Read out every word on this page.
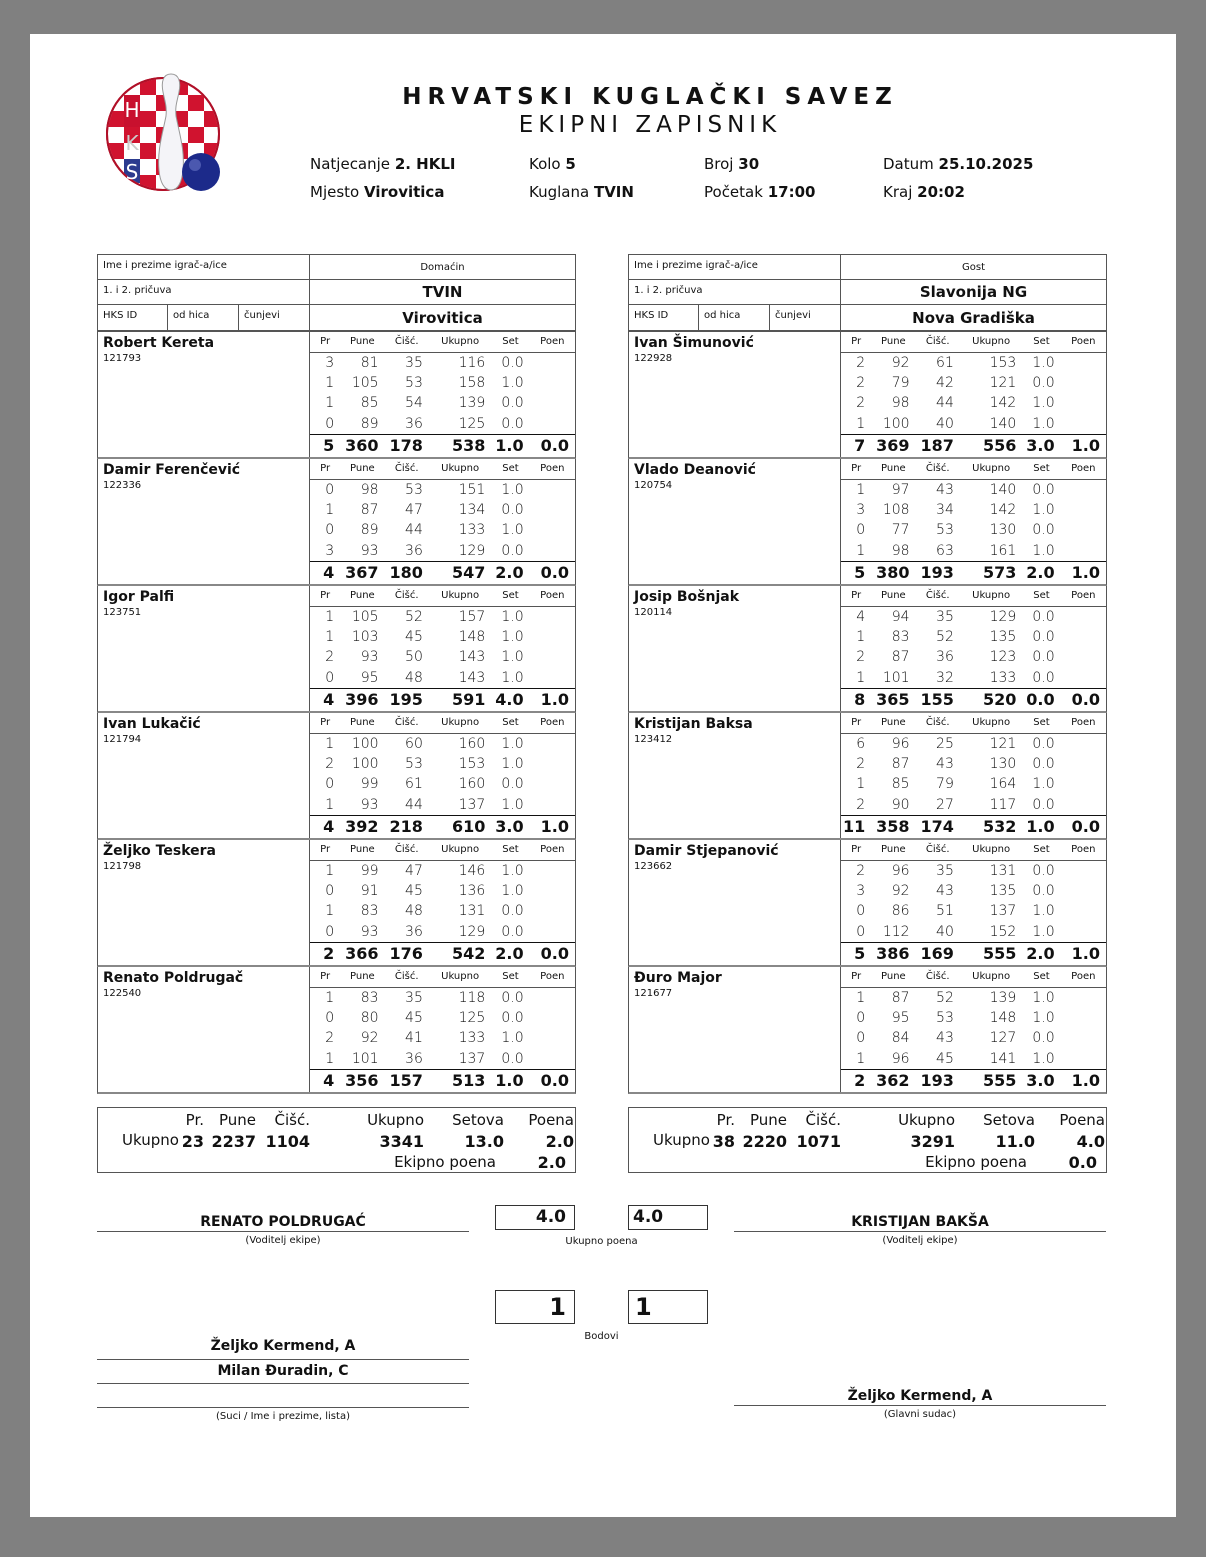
H
K
S
HRVATSKI KUGLAČKI SAVEZ
EKIPNI ZAPISNIK
Natjecanje 2. HKLI	Kolo 5	Broj 30	Datum 25.10.2025
Mjesto Virovitica	Kuglana TVIN	Početak 17:00	Kraj 20:02
Ime i prezime igrač-a/ice	Domaćin
1. i 2. pričuva	TVIN
HKS ID	od hica	čunjevi	Virovitica
Robert Kereta
121793
Pr	Pune	Čišć.	Ukupno	Set	Poen
3	81	35	116	0.0	
1	105	53	158	1.0	
1	85	54	139	0.0	
0	89	36	125	0.0	
5	360	178	538	1.0	0.0
Damir Ferenčević
122336
Pr	Pune	Čišć.	Ukupno	Set	Poen
0	98	53	151	1.0	
1	87	47	134	0.0	
0	89	44	133	1.0	
3	93	36	129	0.0	
4	367	180	547	2.0	0.0
Igor Palfi
123751
Pr	Pune	Čišć.	Ukupno	Set	Poen
1	105	52	157	1.0	
1	103	45	148	1.0	
2	93	50	143	1.0	
0	95	48	143	1.0	
4	396	195	591	4.0	1.0
Ivan Lukačić
121794
Pr	Pune	Čišć.	Ukupno	Set	Poen
1	100	60	160	1.0	
2	100	53	153	1.0	
0	99	61	160	0.0	
1	93	44	137	1.0	
4	392	218	610	3.0	1.0
Željko Teskera
121798
Pr	Pune	Čišć.	Ukupno	Set	Poen
1	99	47	146	1.0	
0	91	45	136	1.0	
1	83	48	131	0.0	
0	93	36	129	0.0	
2	366	176	542	2.0	0.0
Renato Poldrugač
122540
Pr	Pune	Čišć.	Ukupno	Set	Poen
1	83	35	118	0.0	
0	80	45	125	0.0	
2	92	41	133	1.0	
1	101	36	137	0.0	
4	356	157	513	1.0	0.0
Ime i prezime igrač-a/ice	Gost
1. i 2. pričuva	Slavonija NG
HKS ID	od hica	čunjevi	Nova Gradiška
Ivan Šimunović
122928
Pr	Pune	Čišć.	Ukupno	Set	Poen
2	92	61	153	1.0	
2	79	42	121	0.0	
2	98	44	142	1.0	
1	100	40	140	1.0	
7	369	187	556	3.0	1.0
Vlado Deanović
120754
Pr	Pune	Čišć.	Ukupno	Set	Poen
1	97	43	140	0.0	
3	108	34	142	1.0	
0	77	53	130	0.0	
1	98	63	161	1.0	
5	380	193	573	2.0	1.0
Josip Bošnjak
120114
Pr	Pune	Čišć.	Ukupno	Set	Poen
4	94	35	129	0.0	
1	83	52	135	0.0	
2	87	36	123	0.0	
1	101	32	133	0.0	
8	365	155	520	0.0	0.0
Kristijan Baksa
123412
Pr	Pune	Čišć.	Ukupno	Set	Poen
6	96	25	121	0.0	
2	87	43	130	0.0	
1	85	79	164	1.0	
2	90	27	117	0.0	
11	358	174	532	1.0	0.0
Damir Stjepanović
123662
Pr	Pune	Čišć.	Ukupno	Set	Poen
2	96	35	131	0.0	
3	92	43	135	0.0	
0	86	51	137	1.0	
0	112	40	152	1.0	
5	386	169	555	2.0	1.0
Đuro Major
121677
Pr	Pune	Čišć.	Ukupno	Set	Poen
1	87	52	139	1.0	
0	95	53	148	1.0	
0	84	43	127	0.0	
1	96	45	141	1.0	
2	362	193	555	3.0	1.0
Ukupno
Pr.
23
Pune
2237
Čišć.
1104
Ukupno
3341
Setova
13.0
Poena
2.0
Ekipno poena	2.0
Ukupno
Pr.
38
Pune
2220
Čišć.
1071
Ukupno
3291
Setova
11.0
Poena
4.0
Ekipno poena	0.0
RENATO POLDRUGAĆ
(Voditelj ekipe)
KRISTIJAN BAKŠA
(Voditelj ekipe)
4.0	4.0
Ukupno poena
1	1
Bodovi
Željko Kermend, A
Milan Đuradin, C
(Suci / Ime i prezime, lista)
Željko Kermend, A
(Glavni sudac)
